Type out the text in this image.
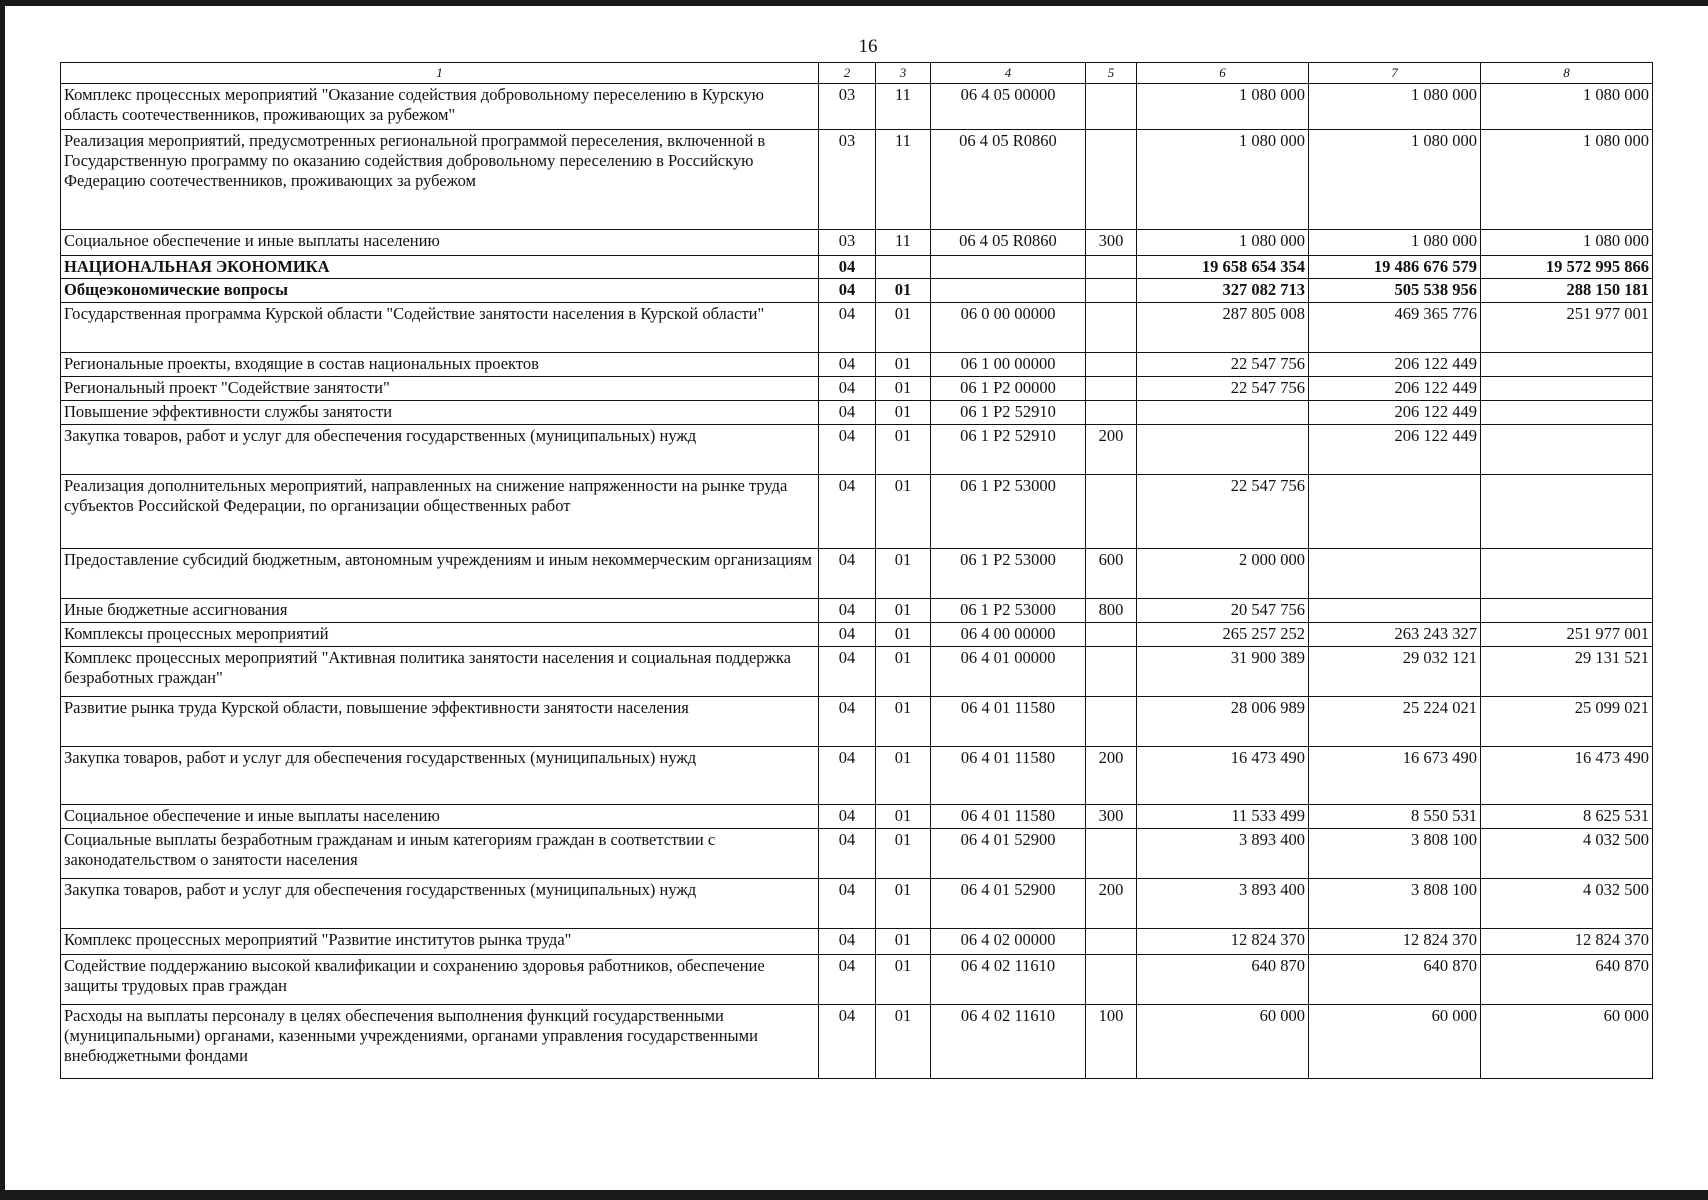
16
1	2	3	4	5	6	7	8
Комплекс процессных мероприятий "Оказание содействия добровольному переселению в Курскую область соотечественников, проживающих за рубежом"	03	11	06 4 05 00000		1 080 000	1 080 000	1 080 000
Реализация мероприятий, предусмотренных региональной программой переселения, включенной в Государственную программу по оказанию содействия добровольному переселению в Российскую Федерацию соотечественников, проживающих за рубежом	03	11	06 4 05 R0860		1 080 000	1 080 000	1 080 000
Социальное обеспечение и иные выплаты населению	03	11	06 4 05 R0860	300	1 080 000	1 080 000	1 080 000
НАЦИОНАЛЬНАЯ ЭКОНОМИКА	04				19 658 654 354	19 486 676 579	19 572 995 866
Общеэкономические вопросы	04	01			327 082 713	505 538 956	288 150 181
Государственная программа Курской области "Содействие занятости населения в Курской области"	04	01	06 0 00 00000		287 805 008	469 365 776	251 977 001
Региональные проекты, входящие в состав национальных проектов	04	01	06 1 00 00000		22 547 756	206 122 449	
Региональный проект "Содействие занятости"	04	01	06 1 P2 00000		22 547 756	206 122 449	
Повышение эффективности службы занятости	04	01	06 1 P2 52910			206 122 449	
Закупка товаров, работ и услуг для обеспечения государственных (муниципальных) нужд	04	01	06 1 P2 52910	200		206 122 449	
Реализация дополнительных мероприятий, направленных на снижение напряженности на рынке труда субъектов Российской Федерации, по организации общественных работ	04	01	06 1 P2 53000		22 547 756		
Предоставление субсидий бюджетным, автономным учреждениям и иным некоммерческим организациям	04	01	06 1 P2 53000	600	2 000 000		
Иные бюджетные ассигнования	04	01	06 1 P2 53000	800	20 547 756		
Комплексы процессных мероприятий	04	01	06 4 00 00000		265 257 252	263 243 327	251 977 001
Комплекс процессных мероприятий "Активная политика занятости населения и социальная поддержка безработных граждан"	04	01	06 4 01 00000		31 900 389	29 032 121	29 131 521
Развитие рынка труда Курской области, повышение эффективности занятости населения	04	01	06 4 01 11580		28 006 989	25 224 021	25 099 021
Закупка товаров, работ и услуг для обеспечения государственных (муниципальных) нужд	04	01	06 4 01 11580	200	16 473 490	16 673 490	16 473 490
Социальное обеспечение и иные выплаты населению	04	01	06 4 01 11580	300	11 533 499	8 550 531	8 625 531
Социальные выплаты безработным гражданам и иным категориям граждан в соответствии с законодательством о занятости населения	04	01	06 4 01 52900		3 893 400	3 808 100	4 032 500
Закупка товаров, работ и услуг для обеспечения государственных (муниципальных) нужд	04	01	06 4 01 52900	200	3 893 400	3 808 100	4 032 500
Комплекс процессных мероприятий "Развитие институтов рынка труда"	04	01	06 4 02 00000		12 824 370	12 824 370	12 824 370
Содействие поддержанию высокой квалификации и сохранению здоровья работников, обеспечение защиты трудовых прав граждан	04	01	06 4 02 11610		640 870	640 870	640 870
Расходы на выплаты персоналу в целях обеспечения выполнения функций государственными (муниципальными) органами, казенными учреждениями, органами управления государственными внебюджетными фондами	04	01	06 4 02 11610	100	60 000	60 000	60 000
